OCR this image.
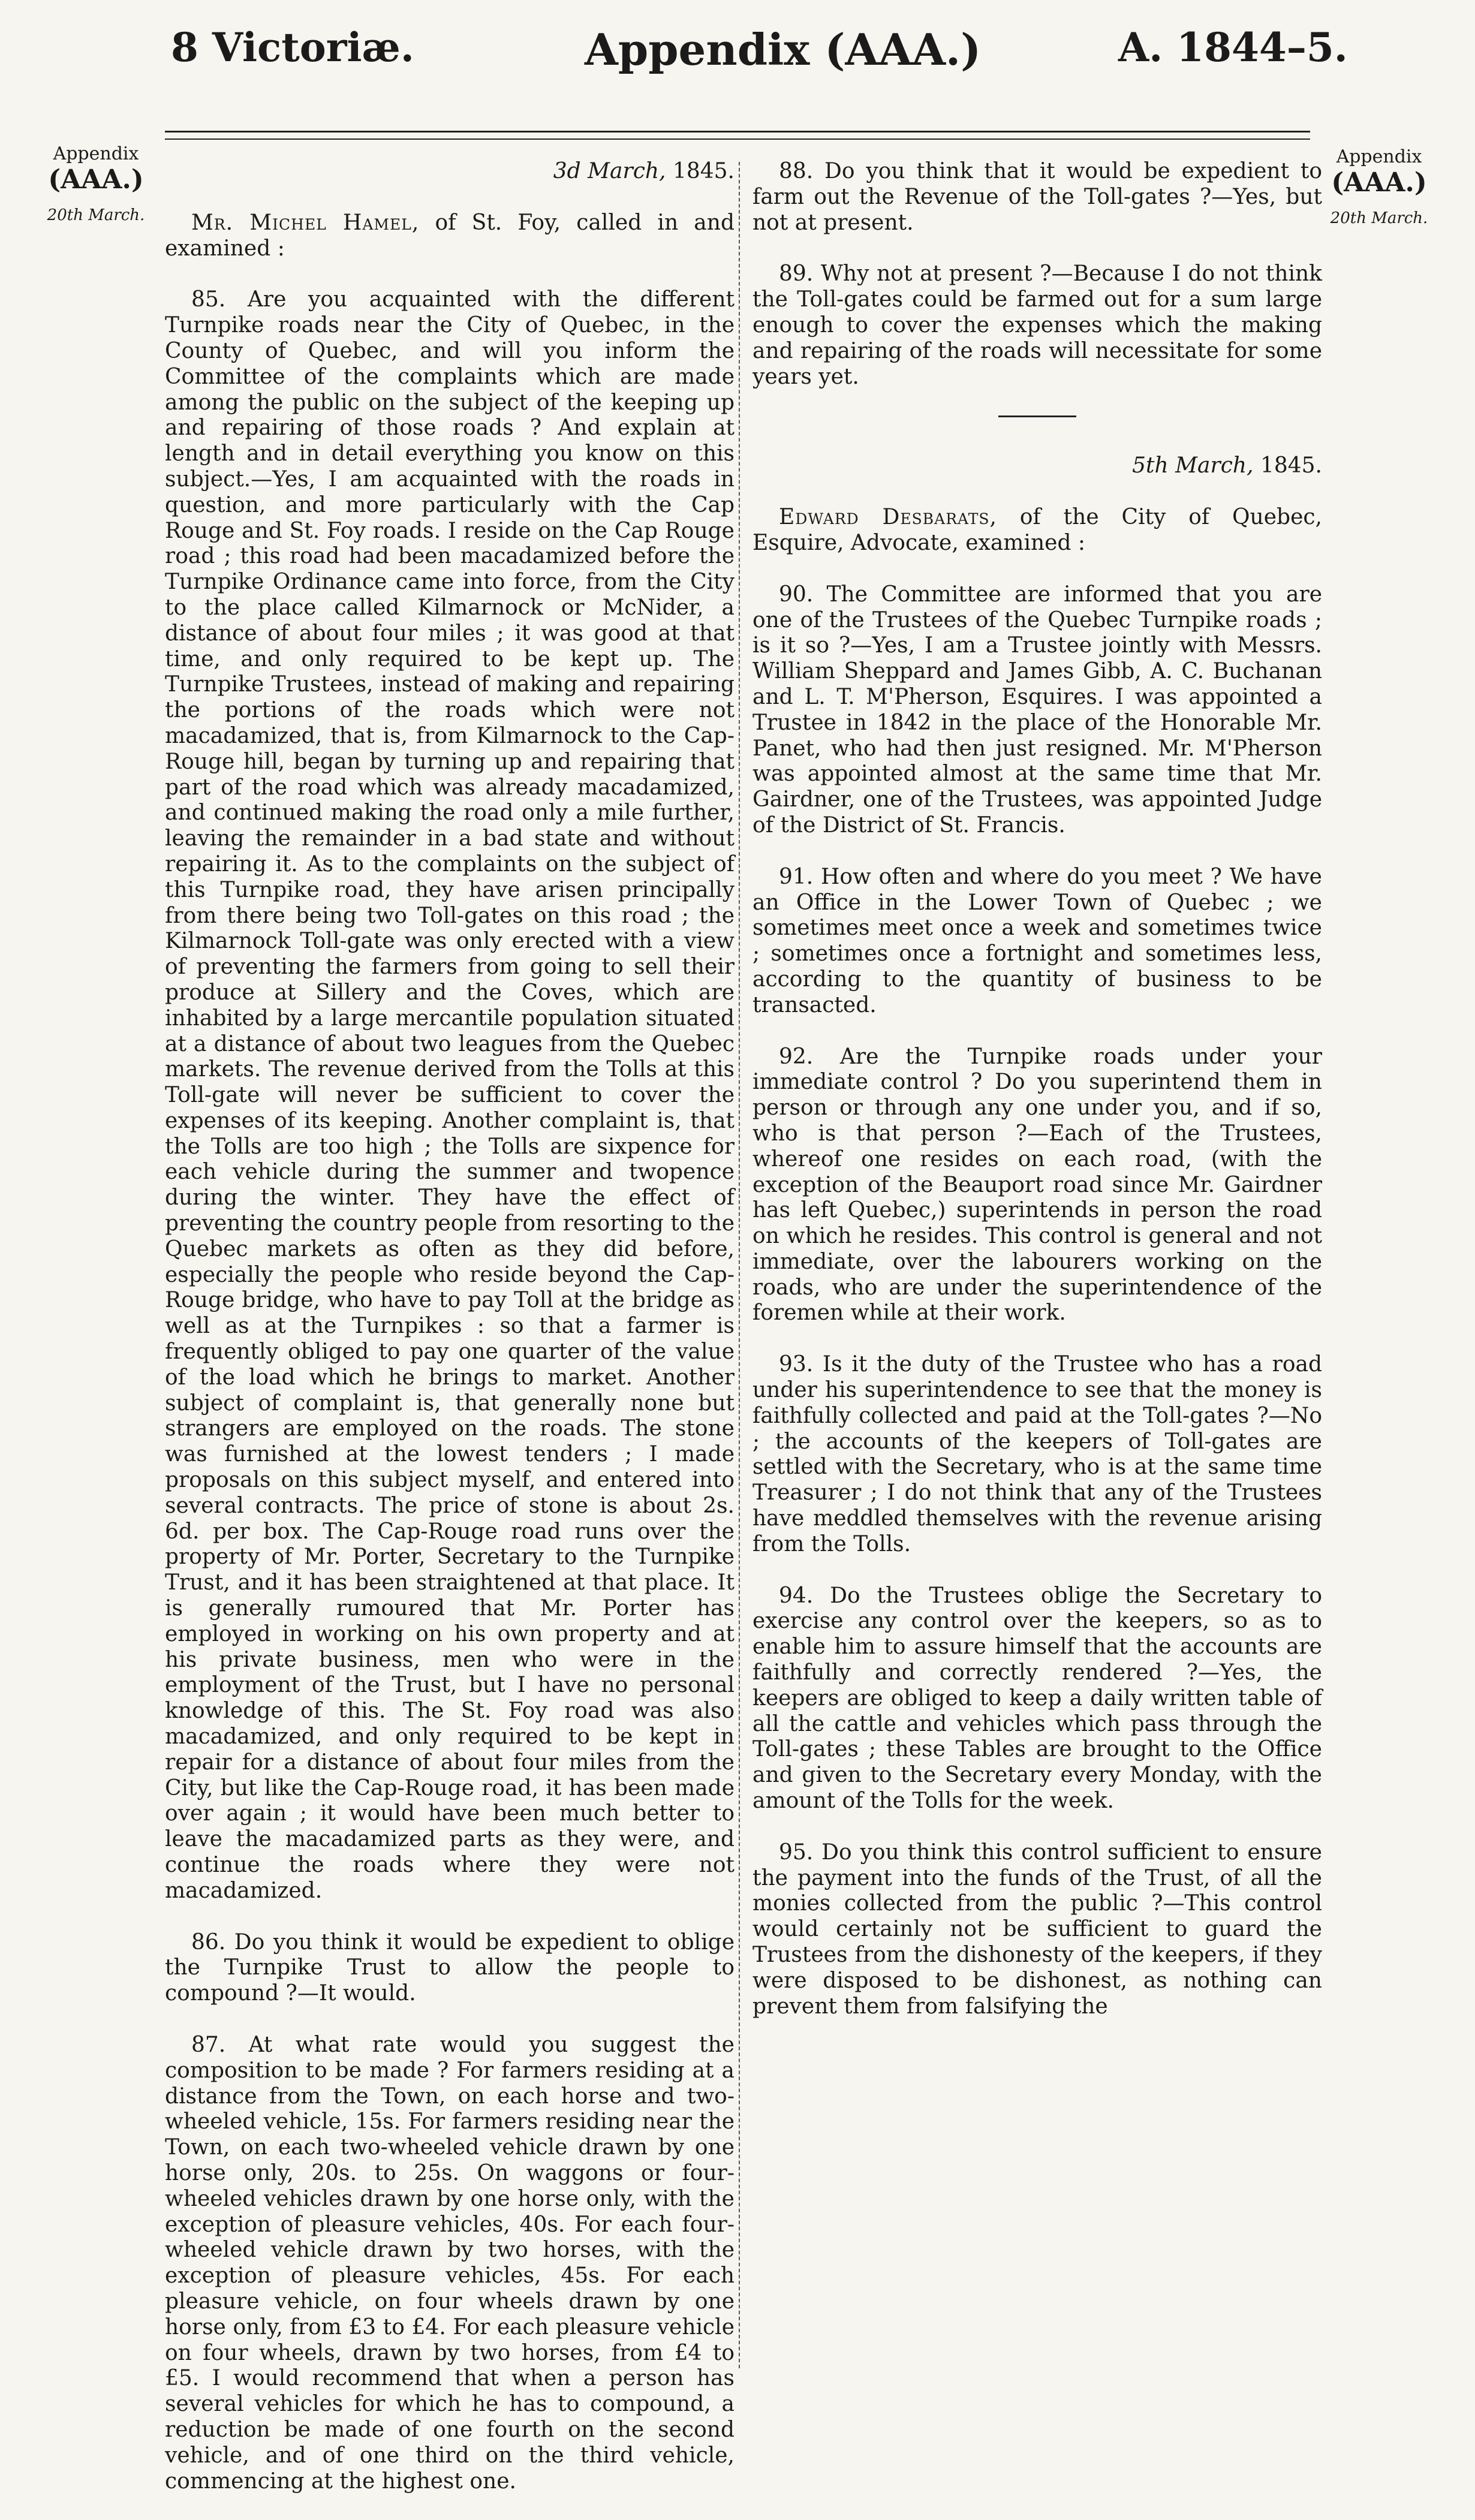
8 Victoriæ.	Appendix (AAA.)	A. 1844–5.
Appendix
(AAA.)
20th March.
Appendix
(AAA.)
20th March.
3d March, 1845.

Mr. Michel Hamel, of St. Foy, called in and examined :

85. Are you acquainted with the different Turnpike roads near the City of Quebec, in the County of Quebec, and will you inform the Committee of the complaints which are made among the public on the subject of the keeping up and repairing of those roads ? And explain at length and in detail everything you know on this subject.—Yes, I am acquainted with the roads in question, and more particularly with the Cap Rouge and St. Foy roads. I reside on the Cap Rouge road ; this road had been macadamized before the Turnpike Ordinance came into force, from the City to the place called Kilmarnock or McNider, a distance of about four miles ; it was good at that time, and only required to be kept up. The Turnpike Trustees, instead of making and repairing the portions of the roads which were not macadamized, that is, from Kilmarnock to the Cap-Rouge hill, began by turning up and repairing that part of the road which was already macadamized, and continued making the road only a mile further, leaving the remainder in a bad state and without repairing it. As to the complaints on the subject of this Turnpike road, they have arisen principally from there being two Toll-gates on this road ; the Kilmarnock Toll-gate was only erected with a view of preventing the farmers from going to sell their produce at Sillery and the Coves, which are inhabited by a large mercantile population situated at a distance of about two leagues from the Quebec markets. The revenue derived from the Tolls at this Toll-gate will never be sufficient to cover the expenses of its keeping. Another complaint is, that the Tolls are too high ; the Tolls are sixpence for each vehicle during the summer and twopence during the winter. They have the effect of preventing the country people from resorting to the Quebec markets as often as they did before, especially the people who reside beyond the Cap-Rouge bridge, who have to pay Toll at the bridge as well as at the Turnpikes : so that a farmer is frequently obliged to pay one quarter of the value of the load which he brings to market. Another subject of complaint is, that generally none but strangers are employed on the roads. The stone was furnished at the lowest tenders ; I made proposals on this subject myself, and entered into several contracts. The price of stone is about 2s. 6d. per box. The Cap-Rouge road runs over the property of Mr. Porter, Secretary to the Turnpike Trust, and it has been straightened at that place. It is generally rumoured that Mr. Porter has employed in working on his own property and at his private business, men who were in the employment of the Trust, but I have no personal knowledge of this. The St. Foy road was also macadamized, and only required to be kept in repair for a distance of about four miles from the City, but like the Cap-Rouge road, it has been made over again ; it would have been much better to leave the macadamized parts as they were, and continue the roads where they were not macadamized.

86. Do you think it would be expedient to oblige the Turnpike Trust to allow the people to compound ?—It would.

87. At what rate would you suggest the composition to be made ? For farmers residing at a distance from the Town, on each horse and two-wheeled vehicle, 15s. For farmers residing near the Town, on each two-wheeled vehicle drawn by one horse only, 20s. to 25s. On waggons or four-wheeled vehicles drawn by one horse only, with the exception of pleasure vehicles, 40s. For each four-wheeled vehicle drawn by two horses, with the exception of pleasure vehicles, 45s. For each pleasure vehicle, on four wheels drawn by one horse only, from £3 to £4. For each pleasure vehicle on four wheels, drawn by two horses, from £4 to £5. I would recommend that when a person has several vehicles for which he has to compound, a reduction be made of one fourth on the second vehicle, and of one third on the third vehicle, commencing at the highest one.

88. Do you think that it would be expedient to farm out the Revenue of the Toll-gates ?—Yes, but not at present.

89. Why not at present ?—Because I do not think the Toll-gates could be farmed out for a sum large enough to cover the expenses which the making and repairing of the roads will necessitate for some years yet.

5th March, 1845.

Edward Desbarats, of the City of Quebec, Esquire, Advocate, examined :

90. The Committee are informed that you are one of the Trustees of the Quebec Turnpike roads ; is it so ?—Yes, I am a Trustee jointly with Messrs. William Sheppard and James Gibb, A. C. Buchanan and L. T. M'Pherson, Esquires. I was appointed a Trustee in 1842 in the place of the Honorable Mr. Panet, who had then just resigned. Mr. M'Pherson was appointed almost at the same time that Mr. Gairdner, one of the Trustees, was appointed Judge of the District of St. Francis.

91. How often and where do you meet ? We have an Office in the Lower Town of Quebec ; we sometimes meet once a week and sometimes twice ; sometimes once a fortnight and sometimes less, according to the quantity of business to be transacted.

92. Are the Turnpike roads under your immediate control ? Do you superintend them in person or through any one under you, and if so, who is that person ?—Each of the Trustees, whereof one resides on each road, (with the exception of the Beauport road since Mr. Gairdner has left Quebec,) superintends in person the road on which he resides. This control is general and not immediate, over the labourers working on the roads, who are under the superintendence of the foremen while at their work.

93. Is it the duty of the Trustee who has a road under his superintendence to see that the money is faithfully collected and paid at the Toll-gates ?—No ; the accounts of the keepers of Toll-gates are settled with the Secretary, who is at the same time Treasurer ; I do not think that any of the Trustees have meddled themselves with the revenue arising from the Tolls.

94. Do the Trustees oblige the Secretary to exercise any control over the keepers, so as to enable him to assure himself that the accounts are faithfully and correctly rendered ?—Yes, the keepers are obliged to keep a daily written table of all the cattle and vehicles which pass through the Toll-gates ; these Tables are brought to the Office and given to the Secretary every Monday, with the amount of the Tolls for the week.

95. Do you think this control sufficient to ensure the payment into the funds of the Trust, of all the monies collected from the public ?—This control would certainly not be sufficient to guard the Trustees from the dishonesty of the keepers, if they were disposed to be dishonest, as nothing can prevent them from falsifying the
